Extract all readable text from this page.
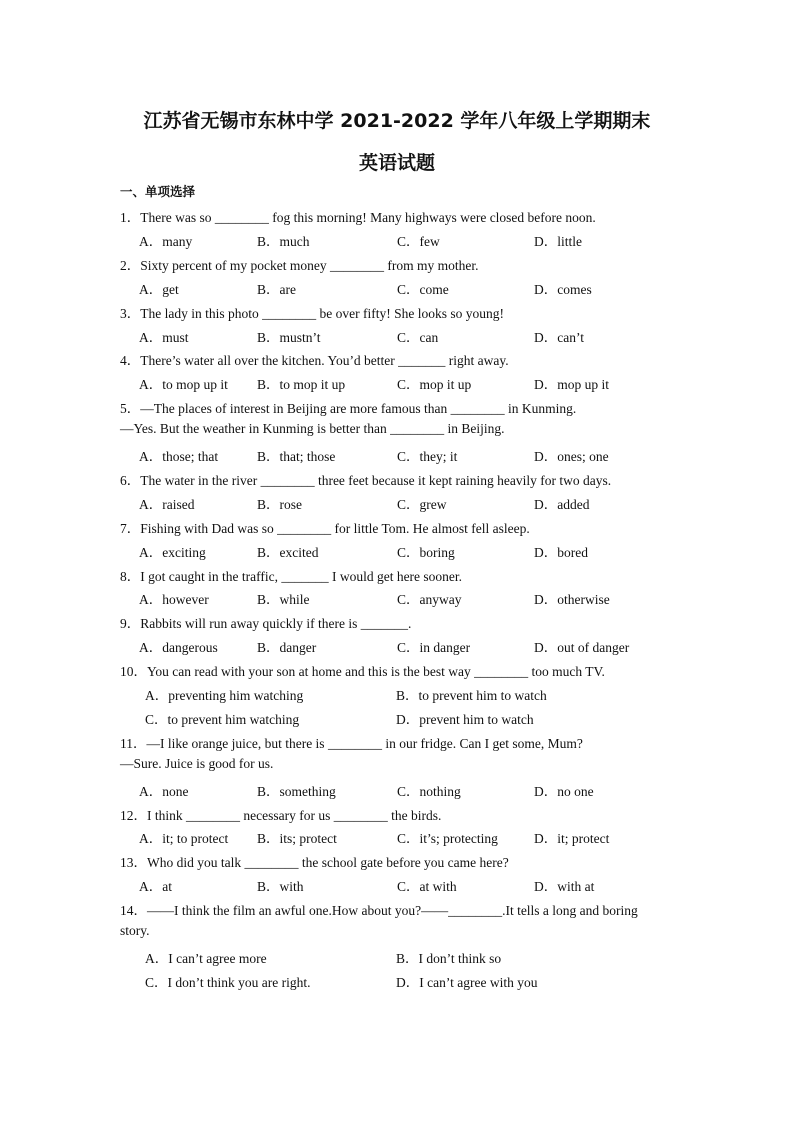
江苏省无锡市东林中学 2021-2022 学年八年级上学期期末
英语试题
一、单项选择
1．There was so ________ fog this morning! Many highways were closed before noon.
A．many	B．much	C．few	D．little
2．Sixty percent of my pocket money ________ from my mother.
A．get	B．are	C．come	D．comes
3．The lady in this photo ________ be over fifty! She looks so young!
A．must	B．mustn’t	C．can	D．can’t
4．There’s water all over the kitchen. You’d better _______ right away.
A．to mop up it B．to mop it up	C．mop it up	D．mop up it
5．—The places of interest in Beijing are more famous than ________ in Kunming.
—Yes. But the weather in Kunming is better than ________ in Beijing.
A．those; that	B．that; those	C．they; it	D．ones; one
6．The water in the river ________ three feet because it kept raining heavily for two days.
A．raised	B．rose	C．grew	D．added
7．Fishing with Dad was so ________ for little Tom. He almost fell asleep.
A．exciting	B．excited	C．boring	D．bored
8．I got caught in the traffic, _______ I would get here sooner.
A．however	B．while	C．anyway	D．otherwise
9．Rabbits will run away quickly if there is _______.
A．dangerous	B．danger	C．in danger	D．out of danger
10．You can read with your son at home and this is the best way ________ too much TV.
A．preventing him watching	B．to prevent him to watch
C．to prevent him watching	D．prevent him to watch
11．—I like orange juice, but there is ________ in our fridge. Can I get some, Mum?
—Sure. Juice is good for us.
A．none	B．something	C．nothing	D．no one
12．I think ________ necessary for us ________ the birds.
A．it; to protect B．its; protect	C．it’s; protecting	D．it; protect
13．Who did you talk ________ the school gate before you came here?
A．at	B．with	C．at with	D．with at
14．——I think the film an awful one.How about you?——________.It tells a long and boring
story.
A．I can’t agree more	B．I don’t think so
C．I don’t think you are right.	D．I can’t agree with you
